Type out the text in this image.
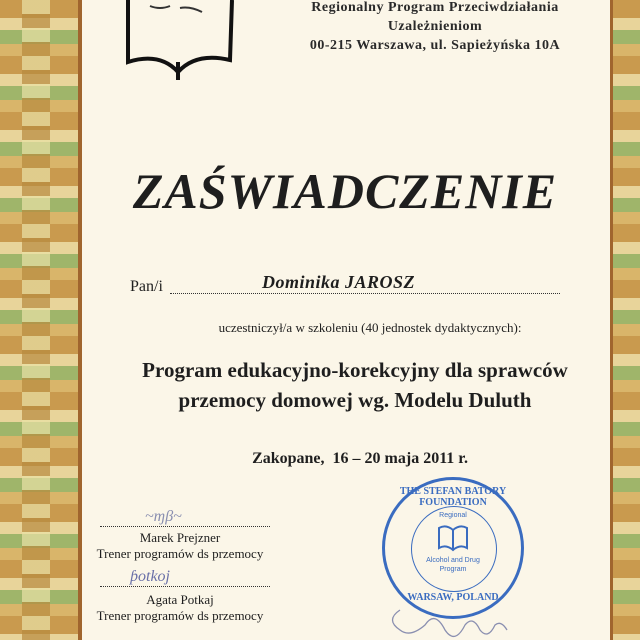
Regionalny Program Przeciwdziałania
Uzależnieniom
00-215 Warszawa, ul. Sapieżyńska 10A
ZAŚWIADCZENIE
Pan/i	Dominika JAROSZ
uczestniczył/a w szkoleniu (40 jednostek dydaktycznych):
Program edukacyjno-korekcyjny dla sprawców
przemocy domowej wg. Modelu Duluth
Zakopane,  16 – 20 maja 2011 r.
~ɱβ~
Marek Prejzner
Trener programów ds przemocy
ƥotkoj
Agata Potkaj
Trener programów ds przemocy
THE STEFAN BATORY FOUNDATION
Regional
Alcohol and Drug
Program
WARSAW, POLAND
